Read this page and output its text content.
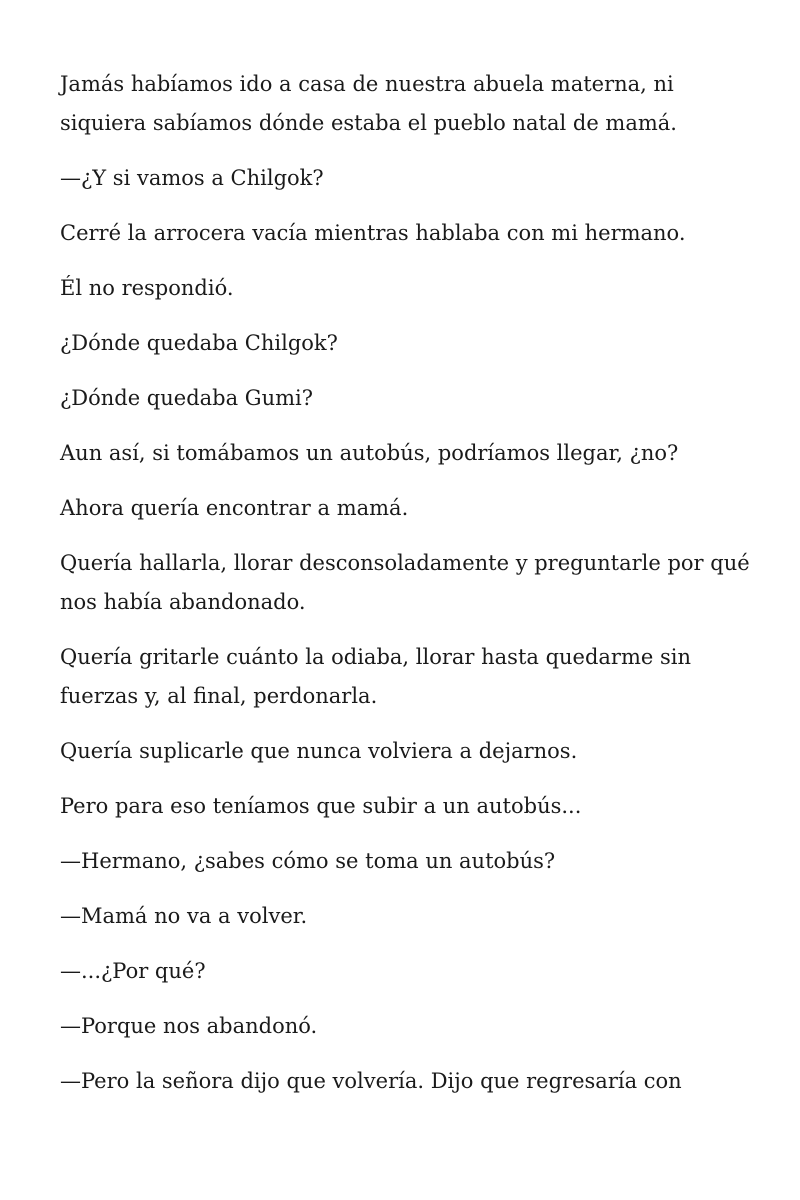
Jamás habíamos ido a casa de nuestra abuela materna, ni siquiera sabíamos dónde estaba el pueblo natal de mamá.

—¿Y si vamos a Chilgok?

Cerré la arrocera vacía mientras hablaba con mi hermano.

Él no respondió.

¿Dónde quedaba Chilgok?

¿Dónde quedaba Gumi?

Aun así, si tomábamos un autobús, podríamos llegar, ¿no?

Ahora quería encontrar a mamá.

Quería hallarla, llorar desconsoladamente y preguntarle por qué nos había abandonado.

Quería gritarle cuánto la odiaba, llorar hasta quedarme sin fuerzas y, al final, perdonarla.

Quería suplicarle que nunca volviera a dejarnos.

Pero para eso teníamos que subir a un autobús...

—Hermano, ¿sabes cómo se toma un autobús?

—Mamá no va a volver.

—...¿Por qué?

—Porque nos abandonó.

—Pero la señora dijo que volvería. Dijo que regresaría con
